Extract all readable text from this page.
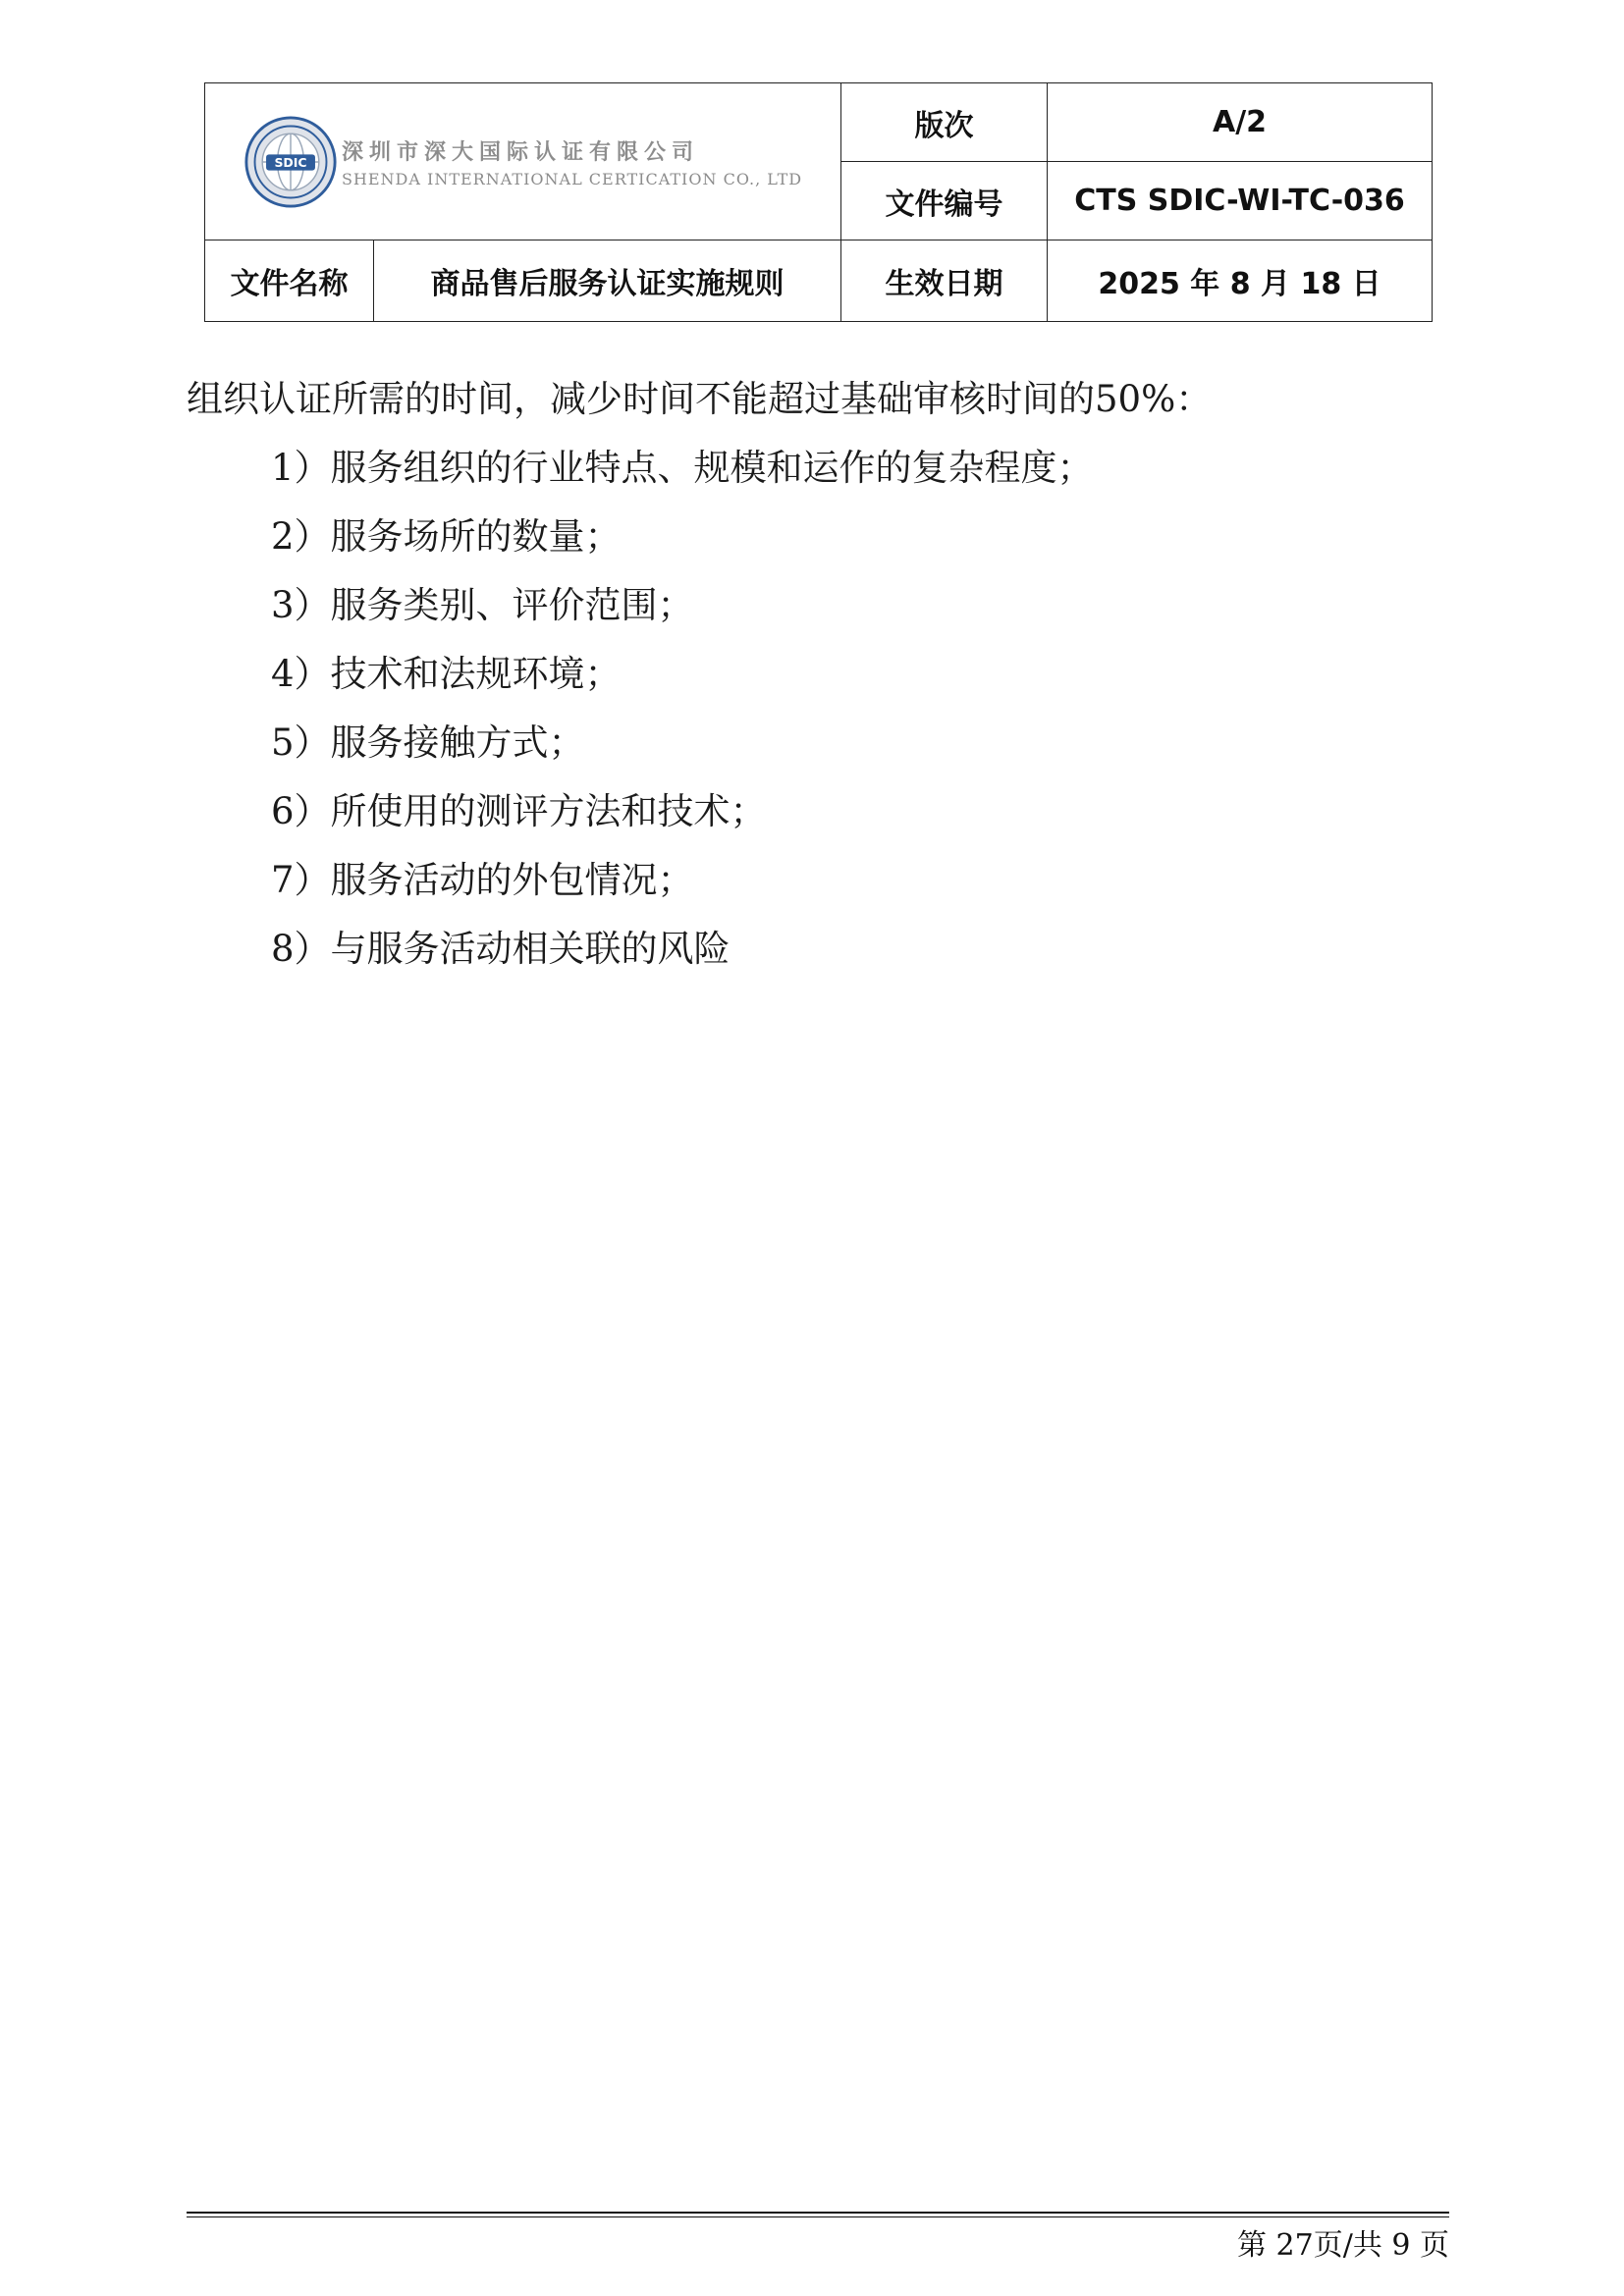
SDIC 深圳市深大国际认证有限公司
SHENDA INTERNATIONAL CERTICATION CO., LTD		版次	A/2
		文件编号	CTS SDIC-WI-TC-036
文件名称	商品售后服务认证实施规则	生效日期	2025 年 8 月 18 日

组织认证所需的时间，减少时间不能超过基础审核时间的50%：

1）服务组织的行业特点、规模和运作的复杂程度；

2）服务场所的数量；

3）服务类别、评价范围；

4）技术和法规环境；

5）服务接触方式；

6）所使用的测评方法和技术；

7）服务活动的外包情况；

8）与服务活动相关联的风险

第 27页/共 9 页
